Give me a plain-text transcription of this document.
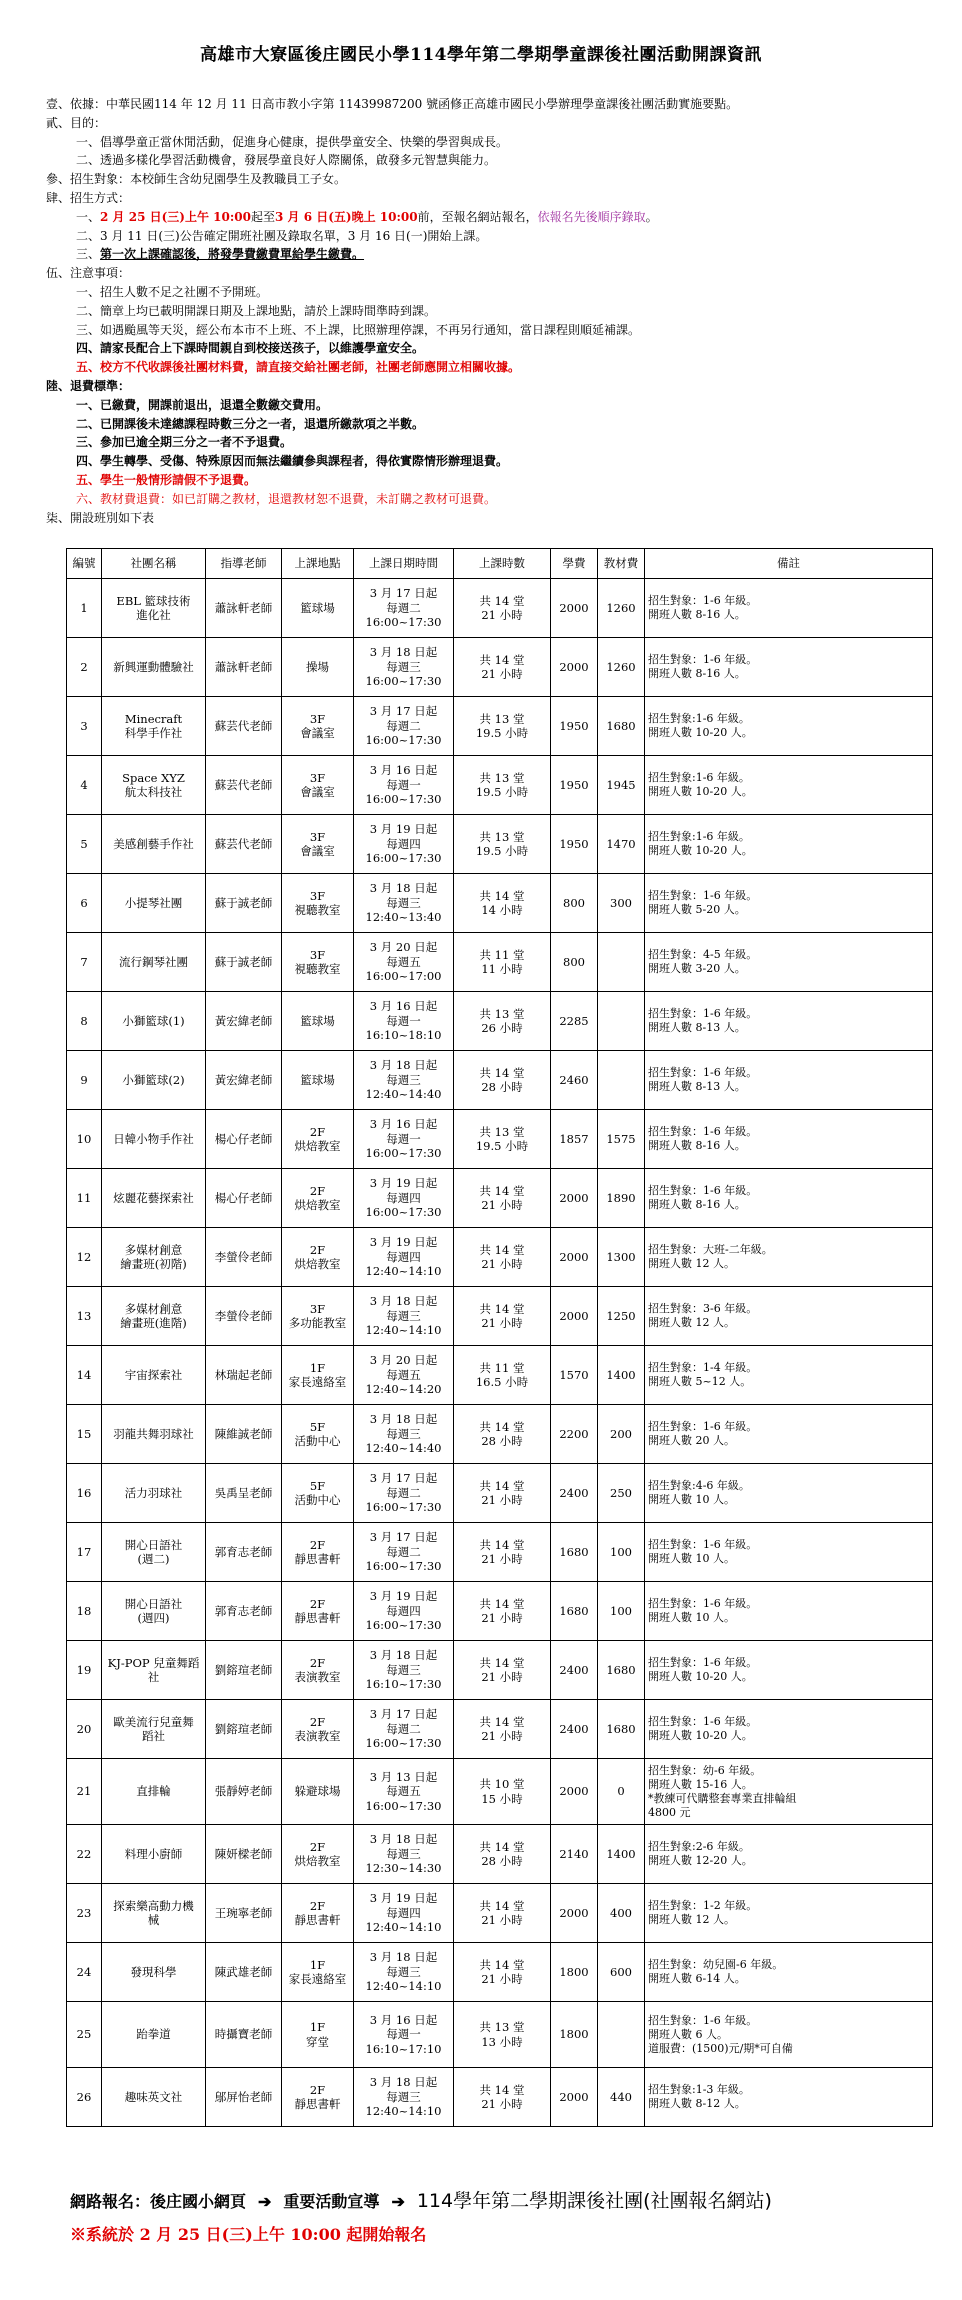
高雄市大寮區後庄國民小學114學年第二學期學童課後社團活動開課資訊
壹、依據：中華民國114 年 12 月 11 日高市教小字第 11439987200 號函修正高雄市國民小學辦理學童課後社團活動實施要點。
貳、目的：
一、倡導學童正當休閒活動，促進身心健康，提供學童安全、快樂的學習與成長。
二、透過多樣化學習活動機會，發展學童良好人際關係，啟發多元智慧與能力。
參、招生對象：本校師生含幼兒園學生及教職員工子女。
肆、招生方式：
一、2 月 25 日(三)上午 10:00起至3 月 6 日(五)晚上 10:00前，至報名網站報名，依報名先後順序錄取。
二、3 月 11 日(三)公告確定開班社團及錄取名單，3 月 16 日(一)開始上課。
三、第一次上課確認後，將發學費繳費單給學生繳費。
伍、注意事項：
一、招生人數不足之社團不予開班。
二、簡章上均已載明開課日期及上課地點，請於上課時間準時到課。
三、如遇颱風等天災，經公布本市不上班、不上課，比照辦理停課，不再另行通知，當日課程則順延補課。
四、請家長配合上下課時間親自到校接送孩子，以維護學童安全。
五、校方不代收課後社團材料費，請直接交給社團老師，社團老師應開立相關收據。
陸、退費標準：
一、已繳費，開課前退出，退還全數繳交費用。
二、已開課後未達總課程時數三分之一者，退還所繳款項之半數。
三、參加已逾全期三分之一者不予退費。
四、學生轉學、受傷、特殊原因而無法繼續參與課程者，得依實際情形辦理退費。
五、學生一般情形請假不予退費。
六、教材費退費：如已訂購之教材，退還教材恕不退費，未訂購之教材可退費。
柒、開設班別如下表
編號	社團名稱	指導老師	上課地點	上課日期時間	上課時數	學費	教材費	備註
1	EBL 籃球技術
進化社	蕭詠軒老師	籃球場	3 月 17 日起
每週二
16:00~17:30	共 14 堂
21 小時	2000	1260	招生對象：1-6 年級。
開班人數 8-16 人。
2	新興運動體驗社	蕭詠軒老師	操場	3 月 18 日起
每週三
16:00~17:30	共 14 堂
21 小時	2000	1260	招生對象：1-6 年級。
開班人數 8-16 人。
3	Minecraft
科學手作社	蘇芸代老師	3F
會議室	3 月 17 日起
每週二
16:00~17:30	共 13 堂
19.5 小時	1950	1680	招生對象:1-6 年級。
開班人數 10-20 人。
4	Space XYZ
航太科技社	蘇芸代老師	3F
會議室	3 月 16 日起
每週一
16:00~17:30	共 13 堂
19.5 小時	1950	1945	招生對象:1-6 年級。
開班人數 10-20 人。
5	美感創藝手作社	蘇芸代老師	3F
會議室	3 月 19 日起
每週四
16:00~17:30	共 13 堂
19.5 小時	1950	1470	招生對象:1-6 年級。
開班人數 10-20 人。
6	小提琴社團	蘇于誠老師	3F
視聽教室	3 月 18 日起
每週三
12:40~13:40	共 14 堂
14 小時	800	300	招生對象：1-6 年級。
開班人數 5-20 人。
7	流行鋼琴社團	蘇于誠老師	3F
視聽教室	3 月 20 日起
每週五
16:00~17:00	共 11 堂
11 小時	800		招生對象：4-5 年級。
開班人數 3-20 人。
8	小獅籃球(1)	黃宏緯老師	籃球場	3 月 16 日起
每週一
16:10~18:10	共 13 堂
26 小時	2285		招生對象：1-6 年級。
開班人數 8-13 人。
9	小獅籃球(2)	黃宏緯老師	籃球場	3 月 18 日起
每週三
12:40~14:40	共 14 堂
28 小時	2460		招生對象：1-6 年級。
開班人數 8-13 人。
10	日韓小物手作社	楊心仔老師	2F
烘焙教室	3 月 16 日起
每週一
16:00~17:30	共 13 堂
19.5 小時	1857	1575	招生對象：1-6 年級。
開班人數 8-16 人。
11	炫麗花藝探索社	楊心仔老師	2F
烘焙教室	3 月 19 日起
每週四
16:00~17:30	共 14 堂
21 小時	2000	1890	招生對象：1-6 年級。
開班人數 8-16 人。
12	多媒材創意
繪畫班(初階)	李螢伶老師	2F
烘焙教室	3 月 19 日起
每週四
12:40~14:10	共 14 堂
21 小時	2000	1300	招生對象：大班-二年級。
開班人數 12 人。
13	多媒材創意
繪畫班(進階)	李螢伶老師	3F
多功能教室	3 月 18 日起
每週三
12:40~14:10	共 14 堂
21 小時	2000	1250	招生對象：3-6 年級。
開班人數 12 人。
14	宇宙探索社	林瑞起老師	1F
家長遠絡室	3 月 20 日起
每週五
12:40~14:20	共 11 堂
16.5 小時	1570	1400	招生對象：1-4 年級。
開班人數 5~12 人。
15	羽龍共舞羽球社	陳維誠老師	5F
活動中心	3 月 18 日起
每週三
12:40~14:40	共 14 堂
28 小時	2200	200	招生對象：1-6 年級。
開班人數 20 人。
16	活力羽球社	吳禹呈老師	5F
活動中心	3 月 17 日起
每週二
16:00~17:30	共 14 堂
21 小時	2400	250	招生對象:4-6 年級。
開班人數 10 人。
17	開心日語社
(週二)	郭育志老師	2F
靜思書軒	3 月 17 日起
每週二
16:00~17:30	共 14 堂
21 小時	1680	100	招生對象：1-6 年級。
開班人數 10 人。
18	開心日語社
(週四)	郭育志老師	2F
靜思書軒	3 月 19 日起
每週四
16:00~17:30	共 14 堂
21 小時	1680	100	招生對象：1-6 年級。
開班人數 10 人。
19	KJ-POP 兒童舞蹈
社	劉鎔瑄老師	2F
表演教室	3 月 18 日起
每週三
16:10~17:30	共 14 堂
21 小時	2400	1680	招生對象：1-6 年級。
開班人數 10-20 人。
20	歐美流行兒童舞
蹈社	劉鎔瑄老師	2F
表演教室	3 月 17 日起
每週二
16:00~17:30	共 14 堂
21 小時	2400	1680	招生對象：1-6 年級。
開班人數 10-20 人。
21	直排輪	張靜婷老師	躲避球場	3 月 13 日起
每週五
16:00~17:30	共 10 堂
15 小時	2000	0	招生對象：幼-6 年級。
開班人數 15-16 人。
*教練可代購整套專業直排輪組
4800 元
22	料理小廚師	陳妍樑老師	2F
烘焙教室	3 月 18 日起
每週三
12:30~14:30	共 14 堂
28 小時	2140	1400	招生對象:2-6 年級。
開班人數 12-20 人。
23	探索樂高動力機
械	王琬寧老師	2F
靜思書軒	3 月 19 日起
每週四
12:40~14:10	共 14 堂
21 小時	2000	400	招生對象：1-2 年級。
開班人數 12 人。
24	發現科學	陳武雄老師	1F
家長遠絡室	3 月 18 日起
每週三
12:40~14:10	共 14 堂
21 小時	1800	600	招生對象：幼兒園-6 年級。
開班人數 6-14 人。
25	跆拳道	時攝寶老師	1F
穿堂	3 月 16 日起
每週一
16:10~17:10	共 13 堂
13 小時	1800		招生對象：1-6 年級。
開班人數 6 人。
道服費：(1500)元/期*可自備
26	趣味英文社	鄔屏怡老師	2F
靜思書軒	3 月 18 日起
每週三
12:40~14:10	共 14 堂
21 小時	2000	440	招生對象:1-3 年級。
開班人數 8-12 人。
網路報名：後庄國小網頁 ➔ 重要活動宣導 ➔ 114學年第二學期課後社團(社團報名網站)
※系統於 2 月 25 日(三)上午 10:00 起開始報名
